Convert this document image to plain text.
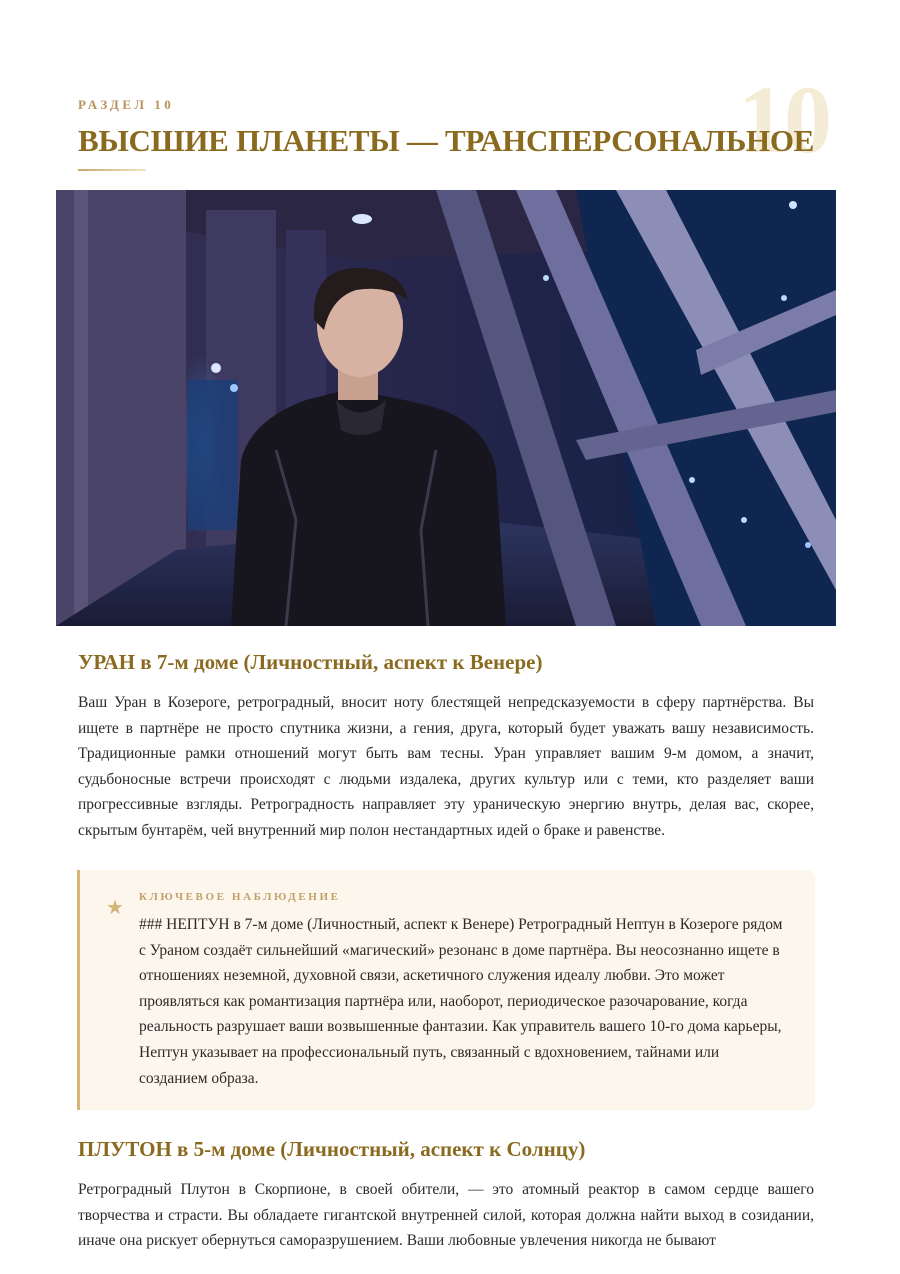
10
РАЗДЕЛ 10
ВЫСШИЕ ПЛАНЕТЫ — ТРАНСПЕРСОНАЛЬНОЕ
УРАН в 7-м доме (Личностный, аспект к Венере)

Ваш Уран в Козероге, ретроградный, вносит ноту блестящей непредсказуемости в сферу партнёрства. Вы ищете в партнёре не просто спутника жизни, а гения, друга, который будет уважать вашу независимость. Традиционные рамки отношений могут быть вам тесны. Уран управляет вашим 9-м домом, а значит, судьбоносные встречи происходят с людьми издалека, других культур или с теми, кто разделяет ваши прогрессивные взгляды. Ретроградность направляет эту ураническую энергию внутрь, делая вас, скорее, скрытым бунтарём, чей внутренний мир полон нестандартных идей о браке и равенстве.

★ КЛЮЧЕВОЕ НАБЛЮДЕНИЕ

### НЕПТУН в 7-м доме (Личностный, аспект к Венере) Ретроградный Нептун в Козероге рядом с Ураном создаёт сильнейший «магический» резонанс в доме партнёра. Вы неосознанно ищете в отношениях неземной, духовной связи, аскетичного служения идеалу любви. Это может проявляться как романтизация партнёра или, наоборот, периодическое разочарование, когда реальность разрушает ваши возвышенные фантазии. Как управитель вашего 10-го дома карьеры, Нептун указывает на профессиональный путь, связанный с вдохновением, тайнами или созданием образа.

ПЛУТОН в 5-м доме (Личностный, аспект к Солнцу)

Ретроградный Плутон в Скорпионе, в своей обители, — это атомный реактор в самом сердце вашего творчества и страсти. Вы обладаете гигантской внутренней силой, которая должна найти выход в созидании, иначе она рискует обернуться саморазрушением. Ваши любовные увлечения никогда не бывают
